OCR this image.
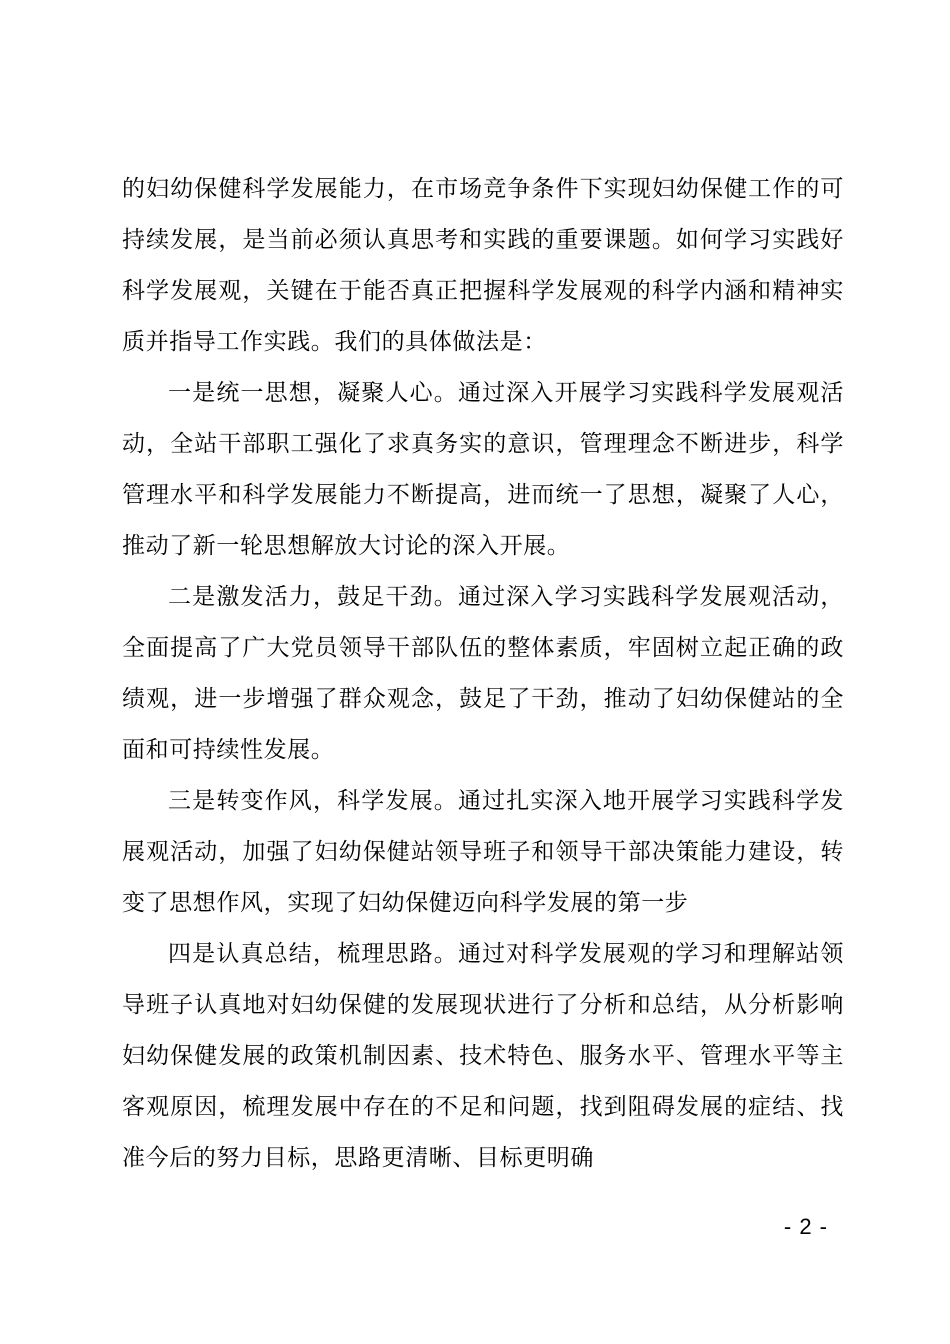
的妇幼保健科学发展能力，在市场竞争条件下实现妇幼保健工作的可持续发展，是当前必须认真思考和实践的重要课题。如何学习实践好科学发展观，关键在于能否真正把握科学发展观的科学内涵和精神实质并指导工作实践。我们的具体做法是：

一是统一思想，凝聚人心。通过深入开展学习实践科学发展观活动，全站干部职工强化了求真务实的意识，管理理念不断进步，科学管理水平和科学发展能力不断提高，进而统一了思想，凝聚了人心，推动了新一轮思想解放大讨论的深入开展。

二是激发活力，鼓足干劲。通过深入学习实践科学发展观活动，全面提高了广大党员领导干部队伍的整体素质，牢固树立起正确的政绩观，进一步增强了群众观念，鼓足了干劲，推动了妇幼保健站的全面和可持续性发展。

三是转变作风，科学发展。通过扎实深入地开展学习实践科学发展观活动，加强了妇幼保健站领导班子和领导干部决策能力建设，转变了思想作风，实现了妇幼保健迈向科学发展的第一步

四是认真总结，梳理思路。通过对科学发展观的学习和理解站领导班子认真地对妇幼保健的发展现状进行了分析和总结，从分析影响妇幼保健发展的政策机制因素、技术特色、服务水平、管理水平等主客观原因，梳理发展中存在的不足和问题，找到阻碍发展的症结、找准今后的努力目标，思路更清晰、目标更明确

- 2 -
